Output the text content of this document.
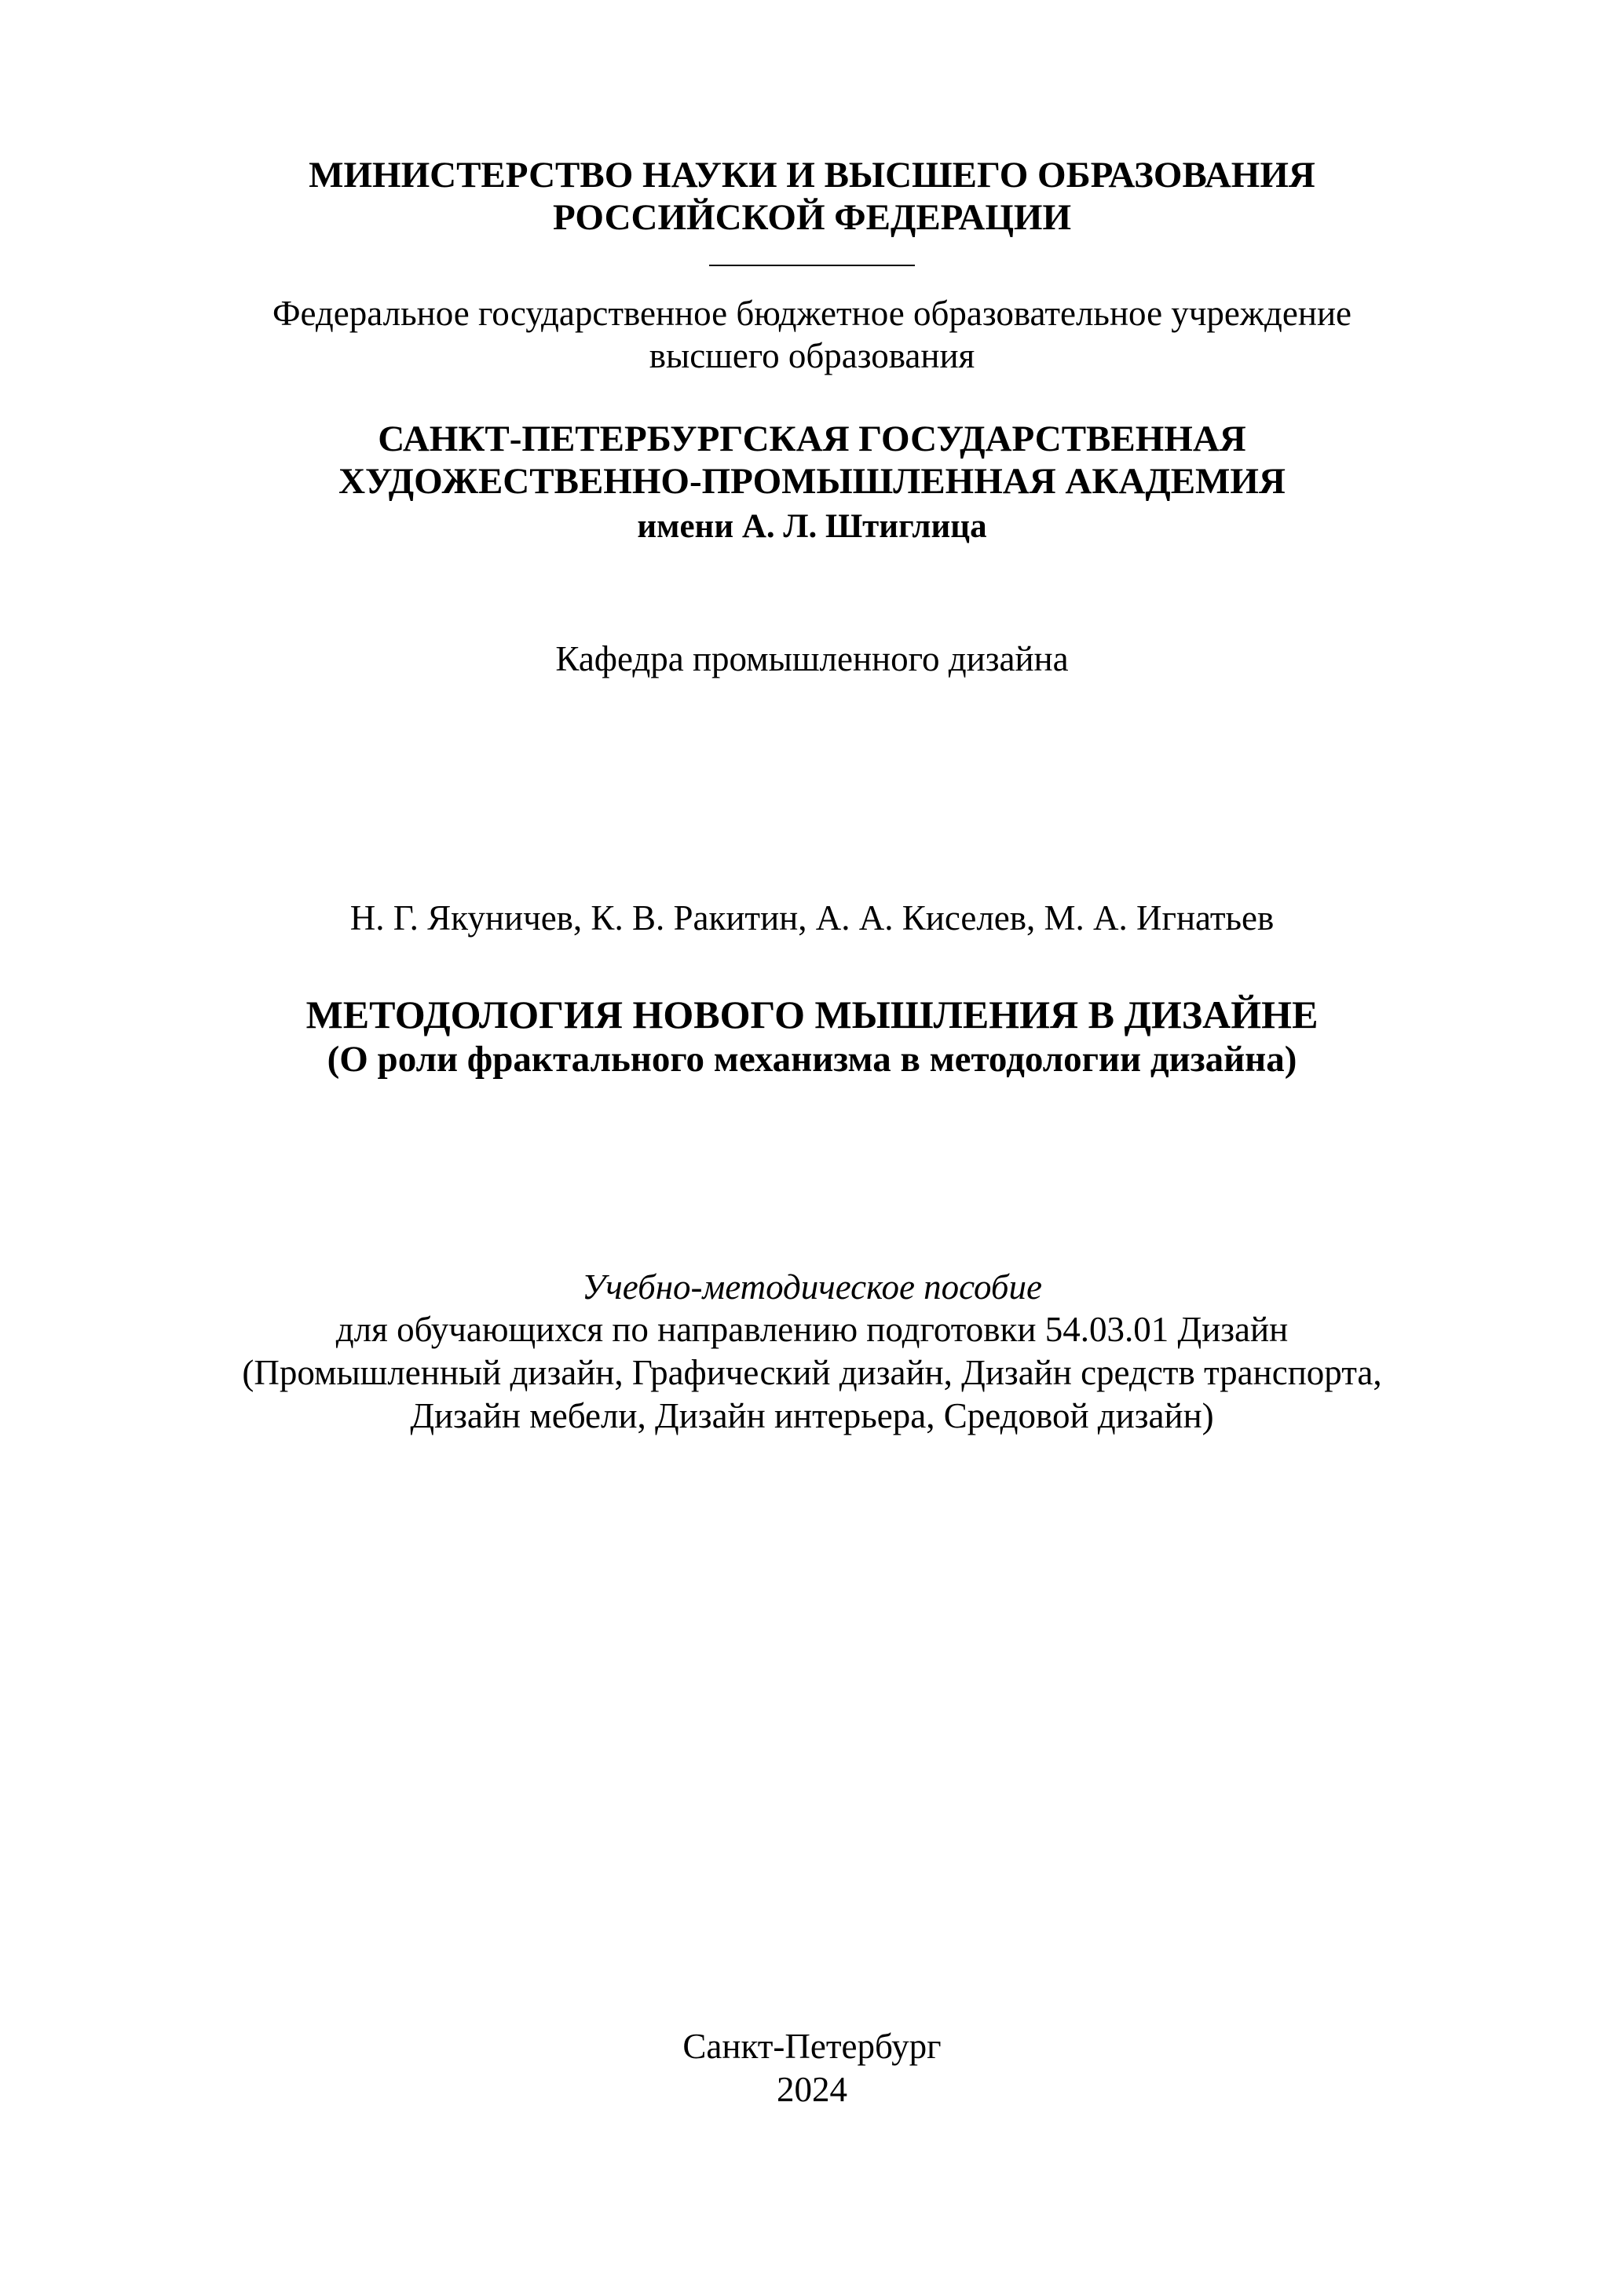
МИНИСТЕРСТВО НАУКИ И ВЫСШЕГО ОБРАЗОВАНИЯ
РОССИЙСКОЙ ФЕДЕРАЦИИ
Федеральное государственное бюджетное образовательное учреждение
высшего образования
САНКТ-ПЕТЕРБУРГСКАЯ ГОСУДАРСТВЕННАЯ
ХУДОЖЕСТВЕННО-ПРОМЫШЛЕННАЯ АКАДЕМИЯ
имени А. Л. Штиглица
Кафедра промышленного дизайна
Н. Г. Якуничев, К. В. Ракитин, А. А. Киселев, М. А. Игнатьев
МЕТОДОЛОГИЯ НОВОГО МЫШЛЕНИЯ В ДИЗАЙНЕ
(О роли фрактального механизма в методологии дизайна)
Учебно-методическое пособие
для обучающихся по направлению подготовки 54.03.01 Дизайн
(Промышленный дизайн, Графический дизайн, Дизайн средств транспорта,
Дизайн мебели, Дизайн интерьера, Средовой дизайн)
Санкт-Петербург
2024
